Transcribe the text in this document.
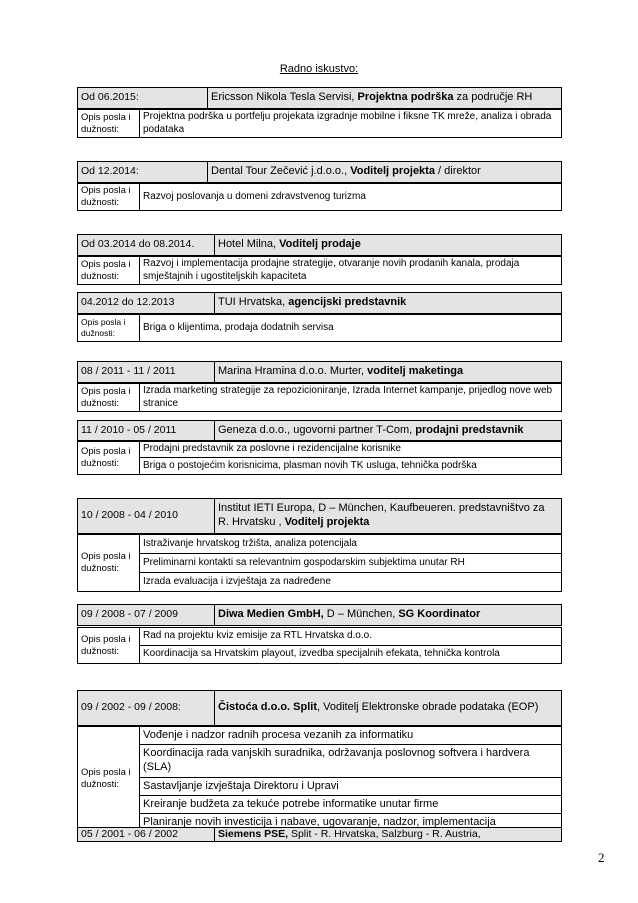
Radno iskustvo:
Od 06.2015:	Ericsson Nikola Tesla Servisi, Projektna podrška za područje RH
Opis posla i dužnosti:	Projektna podrška u portfelju projekata izgradnje mobilne i fiksne TK mreže, analiza i obrada podataka
Od 12.2014:	Dental Tour Zečević j.d.o.o., Voditelj projekta / direktor
Opis posla i dužnosti:	Razvoj poslovanja u domeni zdravstvenog turizma
Od 03.2014 do 08.2014.	Hotel Milna, Voditelj prodaje
Opis posla i dužnosti:	Razvoj i implementacija prodajne strategije, otvaranje novih prodanih kanala, prodaja smještajnih i ugostiteljskih kapaciteta
04.2012 do 12.2013	TUI Hrvatska, agencijski predstavnik
Opis posla i dužnosti:	Briga o klijentima, prodaja dodatnih servisa
08 / 2011 - 11 / 2011	Marina Hramina d.o.o. Murter, voditelj maketinga
Opis posla i dužnosti:	Izrada marketing strategije za repozicioniranje, Izrada Internet kampanje, prijedlog nove web stranice
11 / 2010 - 05 / 2011	Geneza d.o.o., ugovorni partner T-Com, prodajni predstavnik
Opis posla i dužnosti:	Prodajni predstavnik za poslovne i rezidencijalne korisnike
Briga o postojećim korisnicima, plasman novih TK usluga, tehnička podrška
10 / 2008 - 04 / 2010	Institut IETI Europa, D – München, Kaufbeueren. predstavništvo za R. Hrvatsku , Voditelj projekta
Opis posla i dužnosti:	Istraživanje hrvatskog tržišta, analiza potencijala
Preliminarni kontakti sa relevantnim gospodarskim subjektima unutar RH
Izrada evaluacija i izvještaja za nadređene
09 / 2008 - 07 / 2009	Diwa Medien GmbH, D – München, SG Koordinator
Opis posla i dužnosti:	Rad na projektu kviz emisije za RTL Hrvatska d.o.o.
Koordinacija sa Hrvatskim playout, izvedba specijalnih efekata, tehnička kontrola
09 / 2002 - 09 / 2008:	Čistoća d.o.o. Split, Voditelj Elektronske obrade podataka (EOP)
Opis posla i dužnosti:	Vođenje i nadzor radnih procesa vezanih za informatiku
Koordinacija rada vanjskih suradnika, održavanja poslovnog softvera i hardvera (SLA)
Sastavljanje izvještaja Direktoru i Upravi
Kreiranje budžeta za tekuće potrebe informatike unutar firme
Planiranje novih investicija i nabave, ugovaranje, nadzor, implementacija
05 / 2001 - 06 / 2002	Siemens PSE, Split - R. Hrvatska, Salzburg - R. Austria,
2
